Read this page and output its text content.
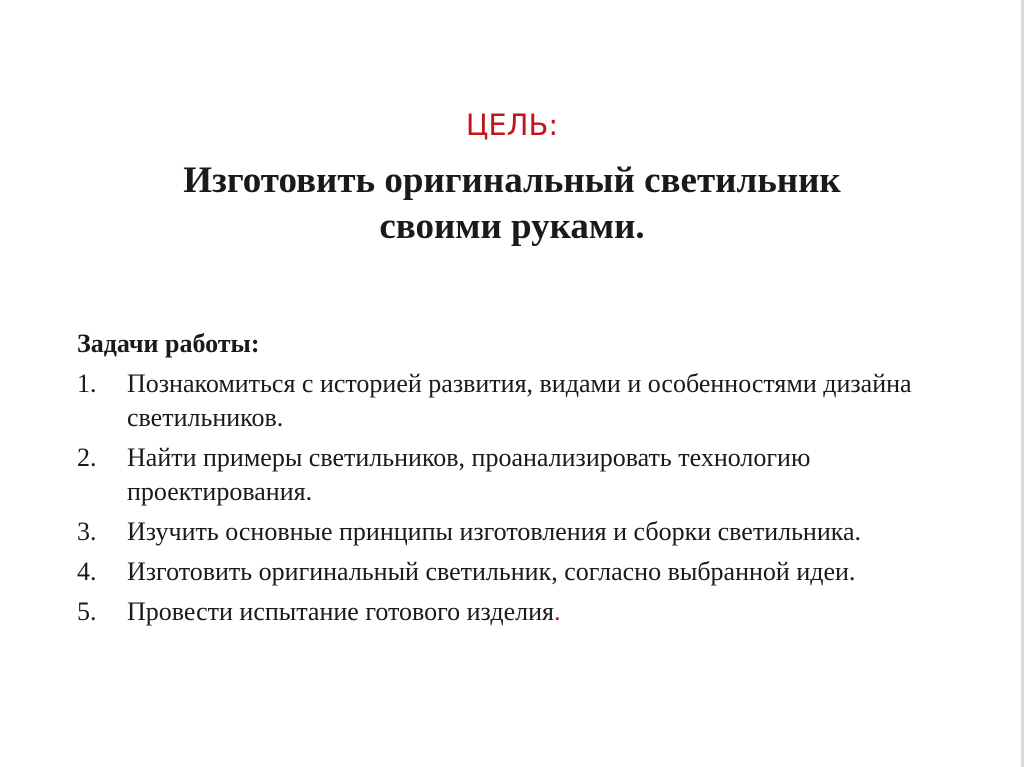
ЦЕЛЬ:
Изготовить оригинальный светильник
своими руками.
Задачи работы:
1. Познакомиться с историей развития, видами и особенностями дизайна светильников.
2. Найти примеры светильников, проанализировать технологию проектирования.
3. Изучить основные принципы изготовления и сборки светильника.
4. Изготовить оригинальный светильник, согласно выбранной идеи.
5. Провести испытание готового изделия.
